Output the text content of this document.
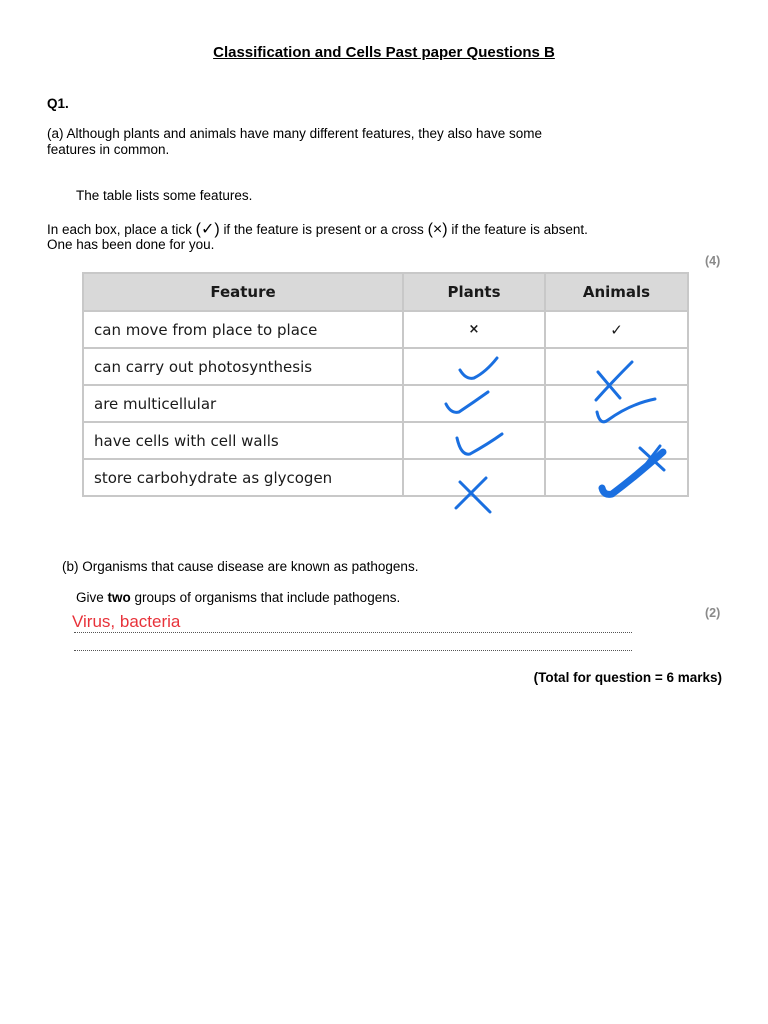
Classification and Cells Past paper Questions B
Q1.
(a) Although plants and animals have many different features, they also have some features in common.
The table lists some features.
In each box, place a tick (✓) if the feature is present or a cross (×) if the feature is absent.
One has been done for you.
(4)
Feature	Plants	Animals
can move from place to place	×	✓
can carry out photosynthesis		
are multicellular		
have cells with cell walls		
store carbohydrate as glycogen		
(b) Organisms that cause disease are known as pathogens.
Give two groups of organisms that include pathogens.
(2)
Virus, bacteria
(Total for question = 6 marks)
